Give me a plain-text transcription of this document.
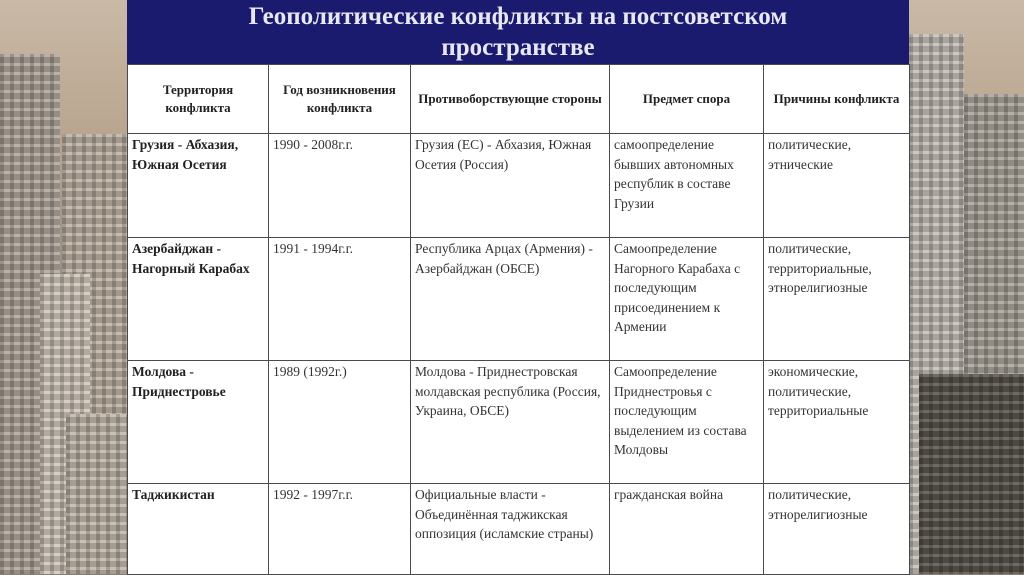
Геополитические конфликты на постсоветском
пространстве
Территория конфликта	Год возникновения конфликта	Противоборствующие стороны	Предмет спора	Причины конфликта
Грузия - Абхазия, Южная Осетия	1990 - 2008г.г.	Грузия (ЕС) - Абхазия, Южная Осетия (Россия)	самоопределение бывших автономных республик в составе Грузии	политические, этнические
Азербайджан - Нагорный Карабах	1991 - 1994г.г.	Республика Арцах (Армения) - Азербайджан (ОБСЕ)	Самоопределение Нагорного Карабаха с последующим присоединением к Армении	политические, территориальные, этнорелигиозные
Молдова - Приднестровье	1989 (1992г.)	Молдова - Приднестровская молдавская республика (Россия, Украина, ОБСЕ)	Самоопределение Приднестровья с последующим выделением из состава Молдовы	экономические, политические, территориальные
Таджикистан	1992 - 1997г.г.	Официальные власти - Объединённая таджикская оппозиция (исламские страны)	гражданская война	политические, этнорелигиозные
